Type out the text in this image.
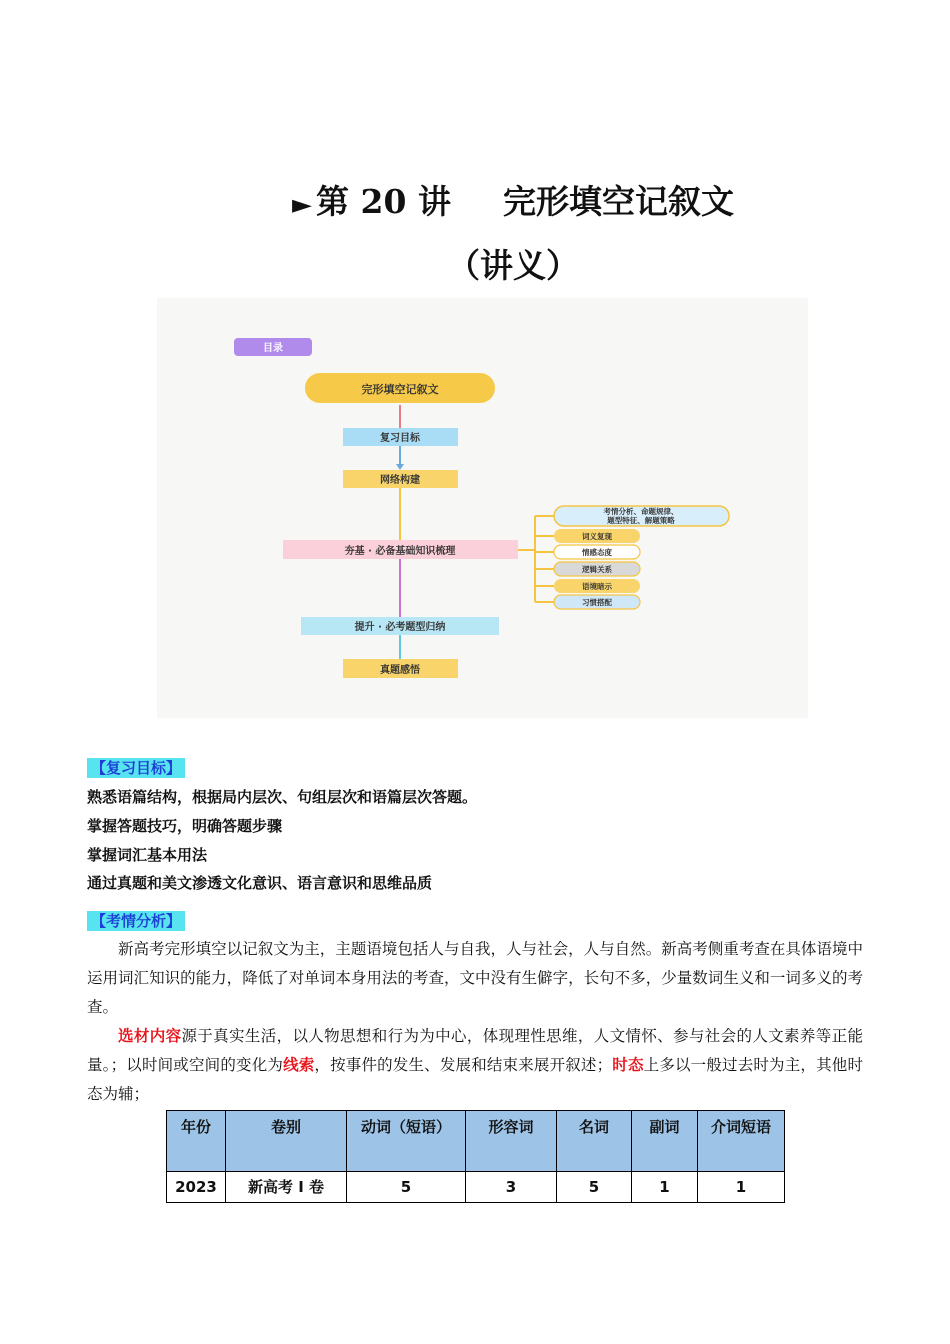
► 第 20 讲 完形填空记叙文
（讲义）
目录
完形填空记叙文
复习目标
网络构建
夯基 · 必备基础知识梳理
提升 · 必考题型归纳
真题感悟
考情分析、命题规律、
题型特征、解题策略
词义复现
情感态度
逻辑关系
语境暗示
习惯搭配
【复习目标】
熟悉语篇结构，根据局内层次、句组层次和语篇层次答题。
掌握答题技巧，明确答题步骤
掌握词汇基本用法
通过真题和美文渗透文化意识、语言意识和思维品质
【考情分析】
新高考完形填空以记叙文为主，主题语境包括人与自我，人与社会，人与自然。新高考侧重考查在具体语境中运用词汇知识的能力，降低了对单词本身用法的考查，文中没有生僻字，长句不多，少量数词生义和一词多义的考查。
选材内容源于真实生活，以人物思想和行为为中心，体现理性思维，人文情怀、参与社会的人文素养等正能量。；以时间或空间的变化为线索，按事件的发生、发展和结束来展开叙述；时态上多以一般过去时为主，其他时态为辅；
年份	卷别	动词（短语）	形容词	名词	副词	介词短语
2023	新高考 I 卷	5	3	5	1	1
